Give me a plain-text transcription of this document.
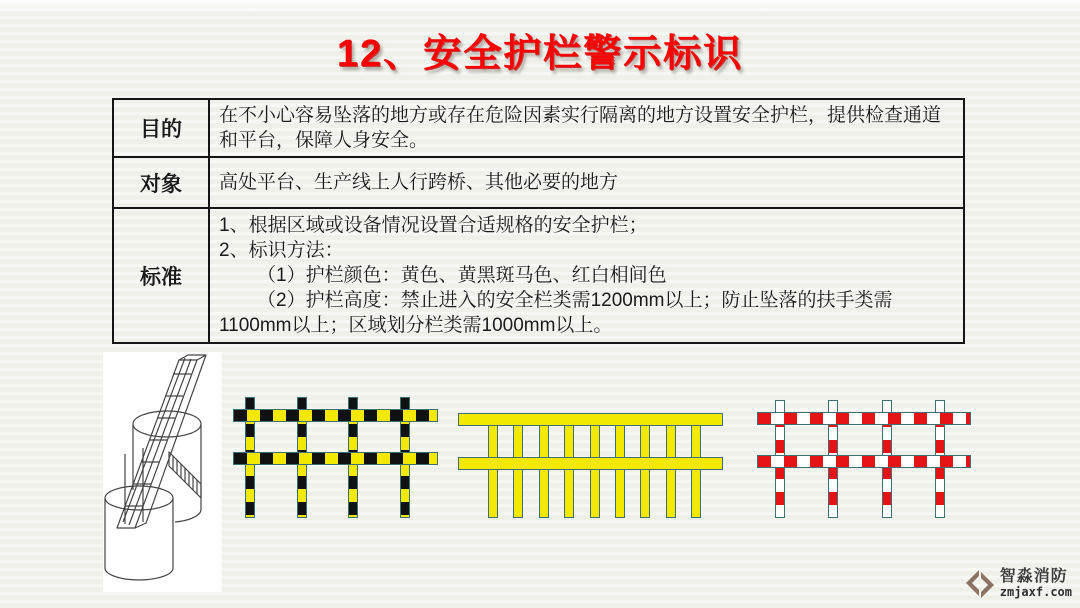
12、安全护栏警示标识
目的	在不小心容易坠落的地方或存在危险因素实行隔离的地方设置安全护栏，提供检查通道和平台，保障人身安全。
对象	高处平台、生产线上人行跨桥、其他必要的地方
标准	1、根据区域或设备情况设置合适规格的安全护栏；

2、标识方法：

（1）护栏颜色：黄色、黄黑斑马色、红白相间色

（2）护栏高度：禁止进入的安全栏类需1200mm以上；防止坠落的扶手类需1100mm以上；区域划分栏类需1000mm以上。

智淼消防
zmjaxf.com
